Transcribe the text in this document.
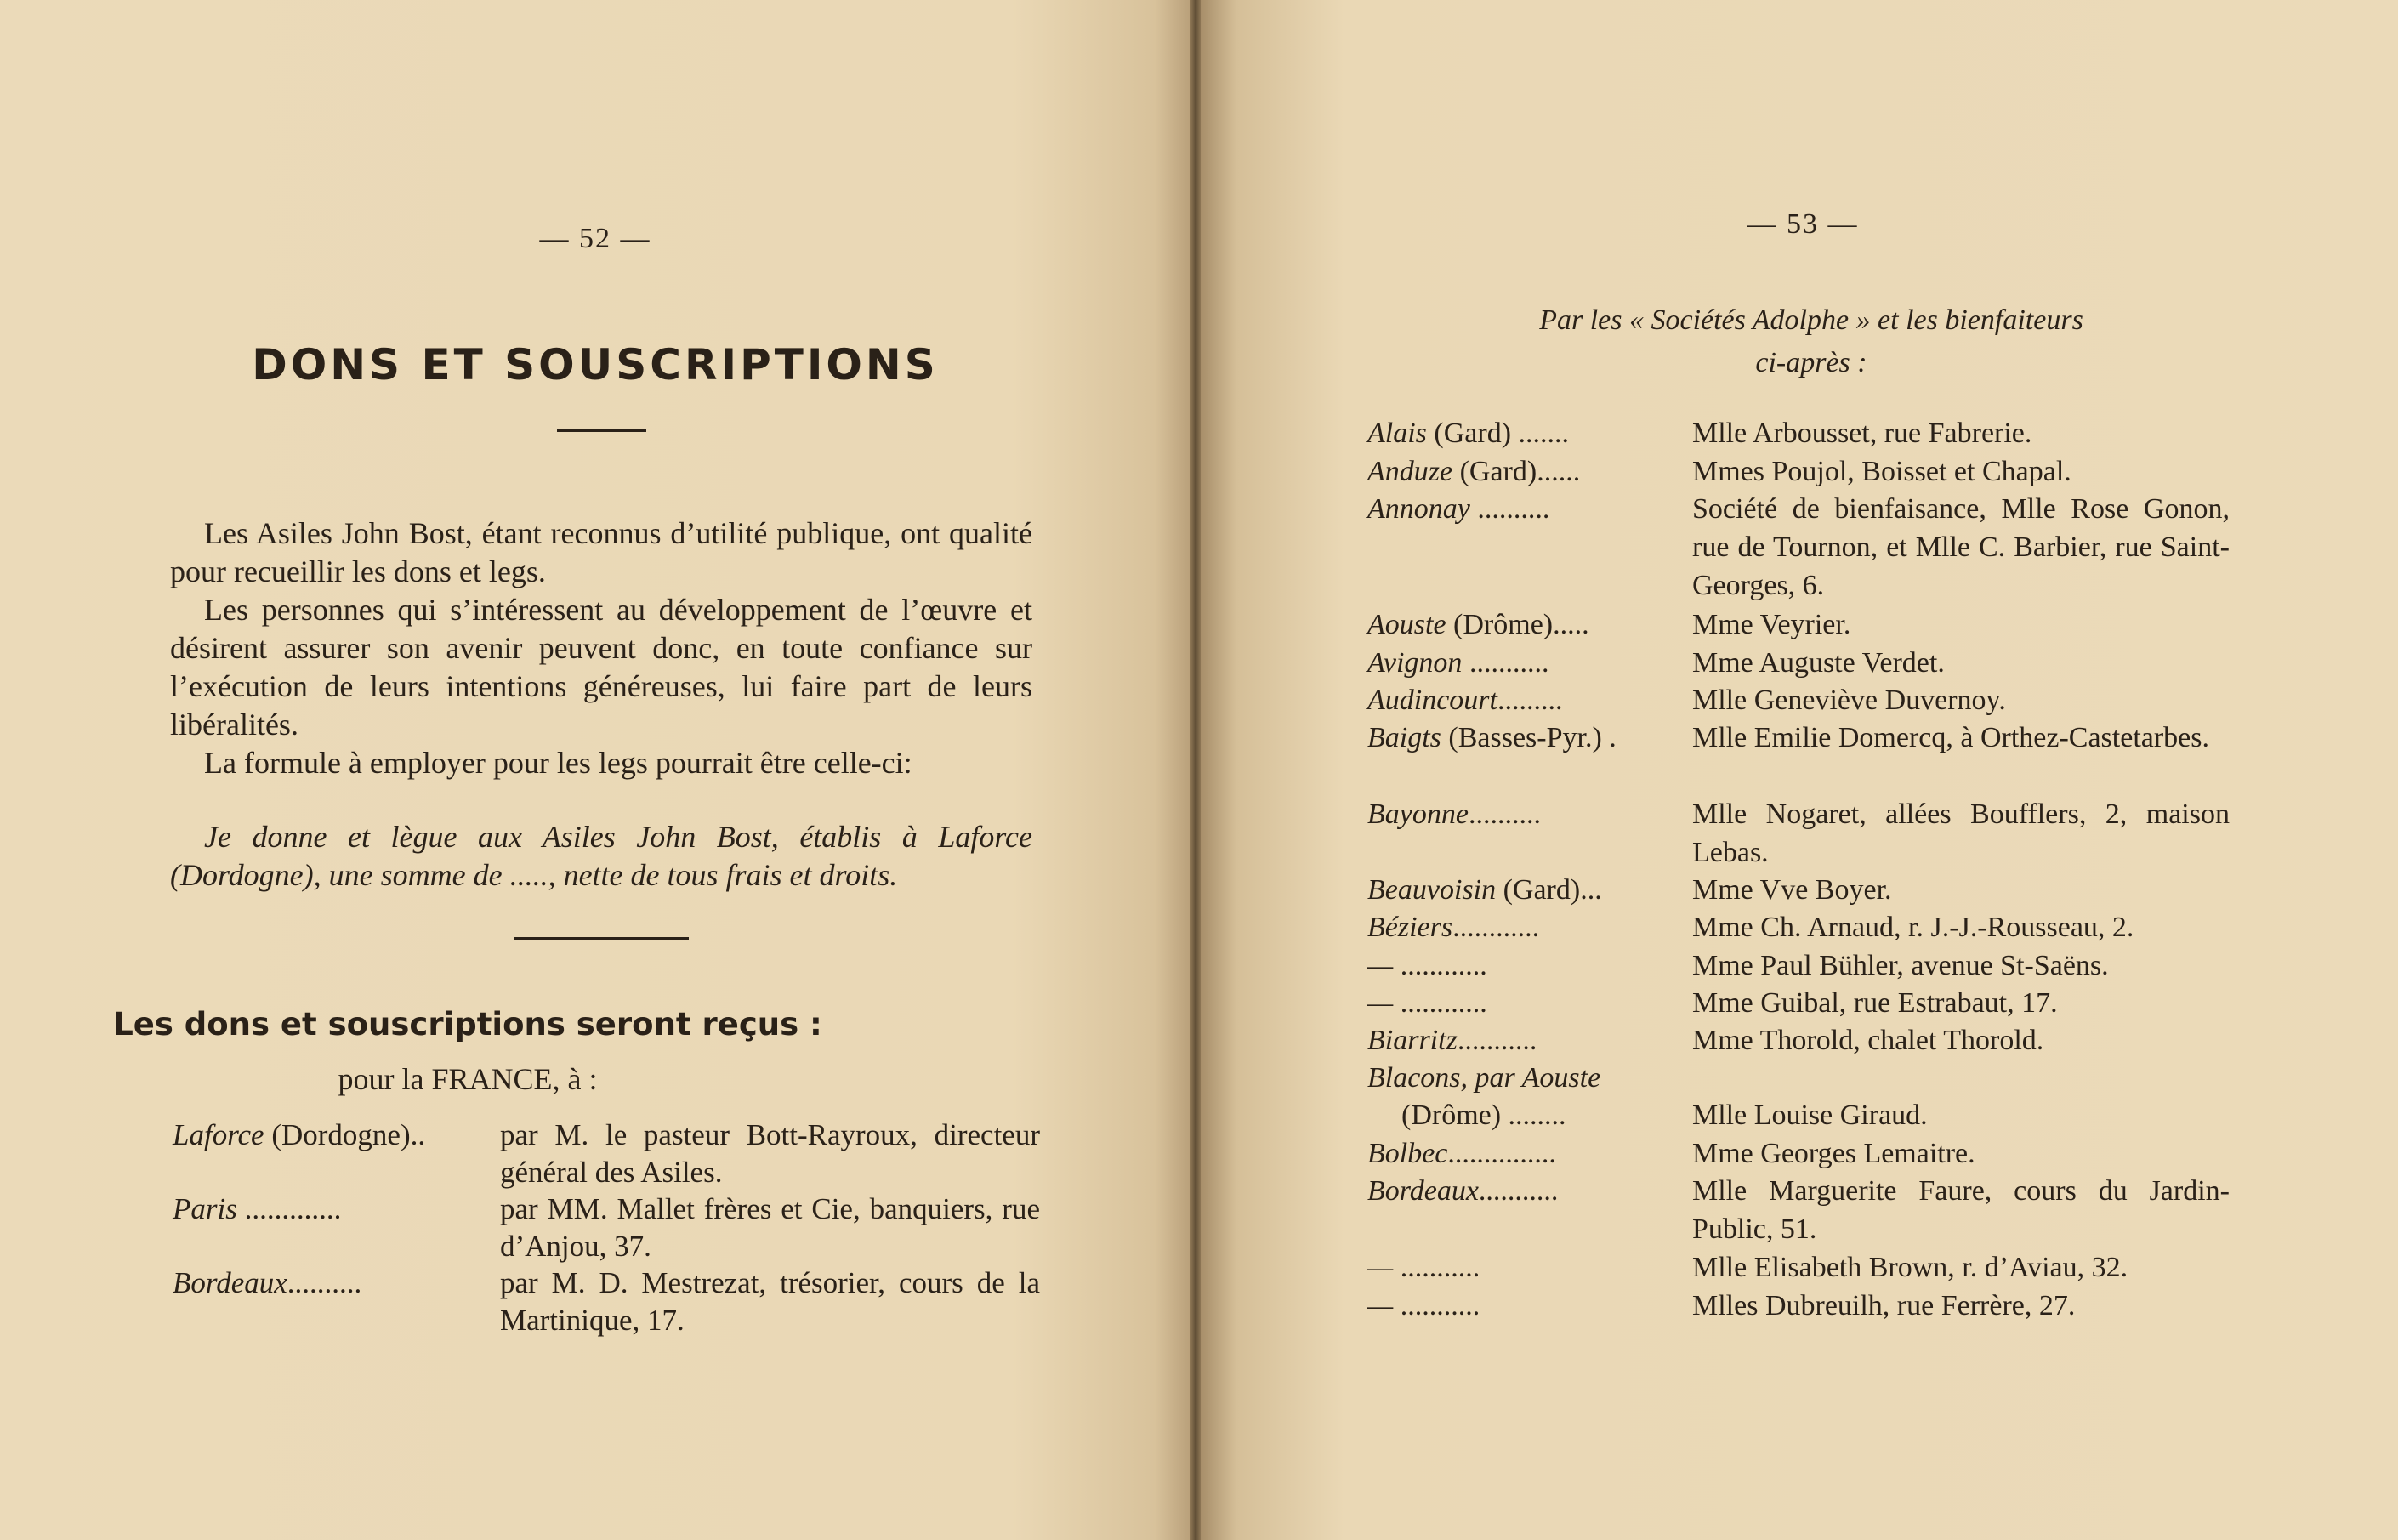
— 52 —
DONS ET SOUSCRIPTIONS

Les Asiles John Bost, étant reconnus d’utilité publique, ont qualité pour recueillir les dons et legs.

Les personnes qui s’intéressent au développement de l’œuvre et désirent assurer son avenir peuvent donc, en toute confiance sur l’exécution de leurs intentions généreuses, lui faire part de leurs libéralités.

La formule à employer pour les legs pourrait être celle-ci:

Je donne et lègue aux Asiles John Bost, établis à Laforce (Dordogne), une somme de ....., nette de tous frais et droits.

Les dons et souscriptions seront reçus :
pour la FRANCE, à :
Laforce (Dordogne)..	par M. le pasteur Bott-Rayroux, directeur général des Asiles.
Paris .............	par MM. Mallet frères et Cie, banquiers, rue d’Anjou, 37.
Bordeaux..........	par M. D. Mestrezat, trésorier, cours de la Martinique, 17.
— 53 —
Par les « Sociétés Adolphe » et les bienfaiteurs
ci-après :
Alais (Gard) .......	Mlle Arbousset, rue Fabrerie.
Anduze (Gard)......	Mmes Poujol, Boisset et Chapal.
Annonay ..........	Société de bienfaisance, Mlle Rose Gonon, rue de Tournon, et Mlle C. Barbier, rue Saint-Georges, 6.
Aouste (Drôme).....	Mme Veyrier.
Avignon ...........	Mme Auguste Verdet.
Audincourt.........	Mlle Geneviève Duvernoy.
Baigts (Basses-Pyr.) .	Mlle Emilie Domercq, à Orthez-Castetarbes.
Bayonne..........	Mlle Nogaret, allées Boufflers, 2, maison Lebas.
Beauvoisin (Gard)...	Mme Vve Boyer.
Béziers............	Mme Ch. Arnaud, r. J.-J.-Rousseau, 2.
— ............	Mme Paul Bühler, avenue St-Saëns.
— ............	Mme Guibal, rue Estrabaut, 17.
Biarritz...........	Mme Thorold, chalet Thorold.
Blacons, par Aouste
(Drôme) ........	Mlle Louise Giraud.
Bolbec...............	Mme Georges Lemaitre.
Bordeaux...........	Mlle Marguerite Faure, cours du Jardin-Public, 51.
— ...........	Mlle Elisabeth Brown, r. d’Aviau, 32.
— ...........	Mlles Dubreuilh, rue Ferrère, 27.
